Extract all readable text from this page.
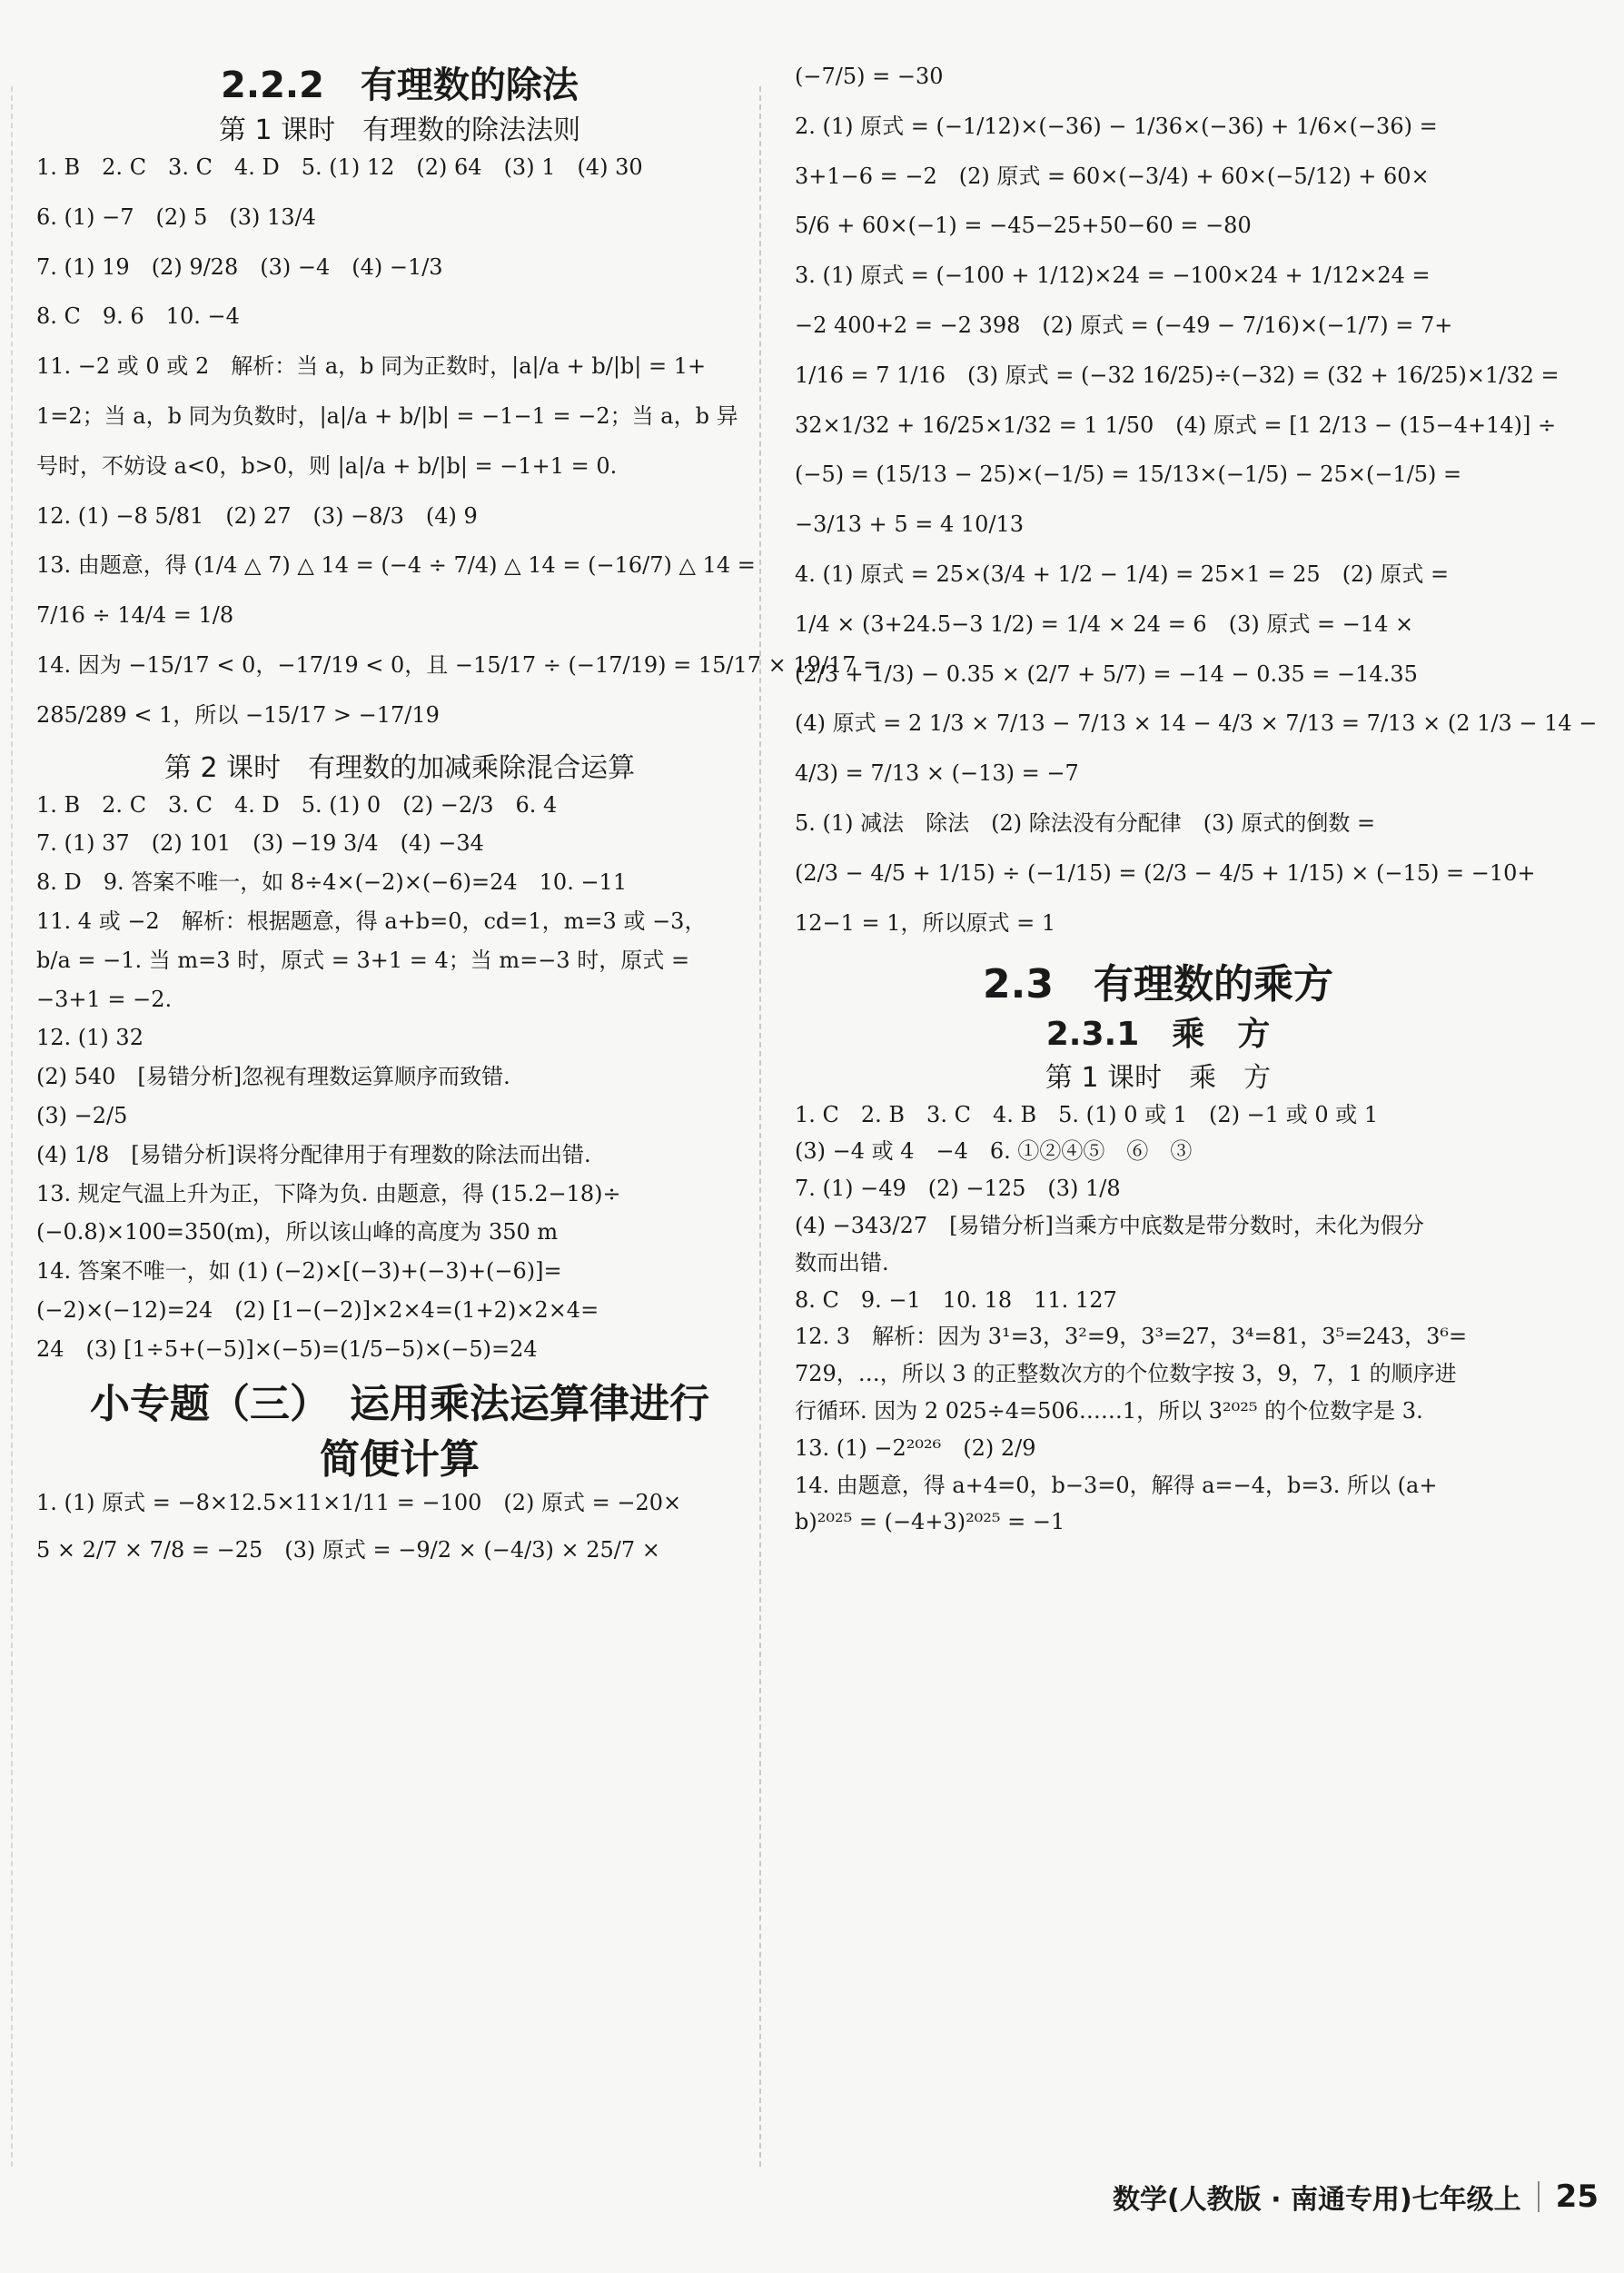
2.2.2　有理数的除法
第 1 课时　有理数的除法法则
1. B　2. C　3. C　4. D　5. (1) 12　(2) 64　(3) 1　(4) 30
6. (1) −7　(2) 5　(3) 13/4
7. (1) 19　(2) 9/28　(3) −4　(4) −1/3
8. C　9. 6　10. −4
11. −2 或 0 或 2　解析：当 a，b 同为正数时，|a|/a + b/|b| = 1+
1=2；当 a，b 同为负数时，|a|/a + b/|b| = −1−1 = −2；当 a，b 异
号时，不妨设 a<0，b>0，则 |a|/a + b/|b| = −1+1 = 0.
12. (1) −8 5/81　(2) 27　(3) −8/3　(4) 9
13. 由题意，得 (1/4 △ 7) △ 14 = (−4 ÷ 7/4) △ 14 = (−16/7) △ 14 =
7/16 ÷ 14/4 = 1/8
14. 因为 −15/17 < 0，−17/19 < 0，且 −15/17 ÷ (−17/19) = 15/17 × 19/17 =
285/289 < 1，所以 −15/17 > −17/19
第 2 课时　有理数的加减乘除混合运算
1. B　2. C　3. C　4. D　5. (1) 0　(2) −2/3　6. 4
7. (1) 37　(2) 101　(3) −19 3/4　(4) −34
8. D　9. 答案不唯一，如 8÷4×(−2)×(−6)=24　10. −11
11. 4 或 −2　解析：根据题意，得 a+b=0，cd=1，m=3 或 −3，
b/a = −1. 当 m=3 时，原式 = 3+1 = 4；当 m=−3 时，原式 =
−3+1 = −2.
12. (1) 32
(2) 540　[易错分析]忽视有理数运算顺序而致错.
(3) −2/5
(4) 1/8　[易错分析]误将分配律用于有理数的除法而出错.
13. 规定气温上升为正，下降为负. 由题意，得 (15.2−18)÷
(−0.8)×100=350(m)，所以该山峰的高度为 350 m
14. 答案不唯一，如 (1) (−2)×[(−3)+(−3)+(−6)]=
(−2)×(−12)=24　(2) [1−(−2)]×2×4=(1+2)×2×4=
24　(3) [1÷5+(−5)]×(−5)=(1/5−5)×(−5)=24
小专题（三）　运用乘法运算律进行
简便计算
1. (1) 原式 = −8×12.5×11×1/11 = −100　(2) 原式 = −20×
5 × 2/7 × 7/8 = −25　(3) 原式 = −9/2 × (−4/3) × 25/7 ×
(−7/5) = −30
2. (1) 原式 = (−1/12)×(−36) − 1/36×(−36) + 1/6×(−36) =
3+1−6 = −2　(2) 原式 = 60×(−3/4) + 60×(−5/12) + 60×
5/6 + 60×(−1) = −45−25+50−60 = −80
3. (1) 原式 = (−100 + 1/12)×24 = −100×24 + 1/12×24 =
−2 400+2 = −2 398　(2) 原式 = (−49 − 7/16)×(−1/7) = 7+
1/16 = 7 1/16　(3) 原式 = (−32 16/25)÷(−32) = (32 + 16/25)×1/32 =
32×1/32 + 16/25×1/32 = 1 1/50　(4) 原式 = [1 2/13 − (15−4+14)] ÷
(−5) = (15/13 − 25)×(−1/5) = 15/13×(−1/5) − 25×(−1/5) =
−3/13 + 5 = 4 10/13
4. (1) 原式 = 25×(3/4 + 1/2 − 1/4) = 25×1 = 25　(2) 原式 =
1/4 × (3+24.5−3 1/2) = 1/4 × 24 = 6　(3) 原式 = −14 ×
(2/3 + 1/3) − 0.35 × (2/7 + 5/7) = −14 − 0.35 = −14.35
(4) 原式 = 2 1/3 × 7/13 − 7/13 × 14 − 4/3 × 7/13 = 7/13 × (2 1/3 − 14 −
4/3) = 7/13 × (−13) = −7
5. (1) 减法　除法　(2) 除法没有分配律　(3) 原式的倒数 =
(2/3 − 4/5 + 1/15) ÷ (−1/15) = (2/3 − 4/5 + 1/15) × (−15) = −10+
12−1 = 1，所以原式 = 1
2.3　有理数的乘方
2.3.1　乘　方
第 1 课时　乘　方
1. C　2. B　3. C　4. B　5. (1) 0 或 1　(2) −1 或 0 或 1
(3) −4 或 4　−4　6. ①②④⑤　⑥　③
7. (1) −49　(2) −125　(3) 1/8
(4) −343/27　[易错分析]当乘方中底数是带分数时，未化为假分
数而出错.
8. C　9. −1　10. 18　11. 127
12. 3　解析：因为 3¹=3，3²=9，3³=27，3⁴=81，3⁵=243，3⁶=
729，…，所以 3 的正整数次方的个位数字按 3，9，7，1 的顺序进
行循环. 因为 2 025÷4=506……1，所以 3²⁰²⁵ 的个位数字是 3.
13. (1) −2²⁰²⁶　(2) 2/9
14. 由题意，得 a+4=0，b−3=0，解得 a=−4，b=3. 所以 (a+
b)²⁰²⁵ = (−4+3)²⁰²⁵ = −1
数学(人教版 · 南通专用)七年级上 25
